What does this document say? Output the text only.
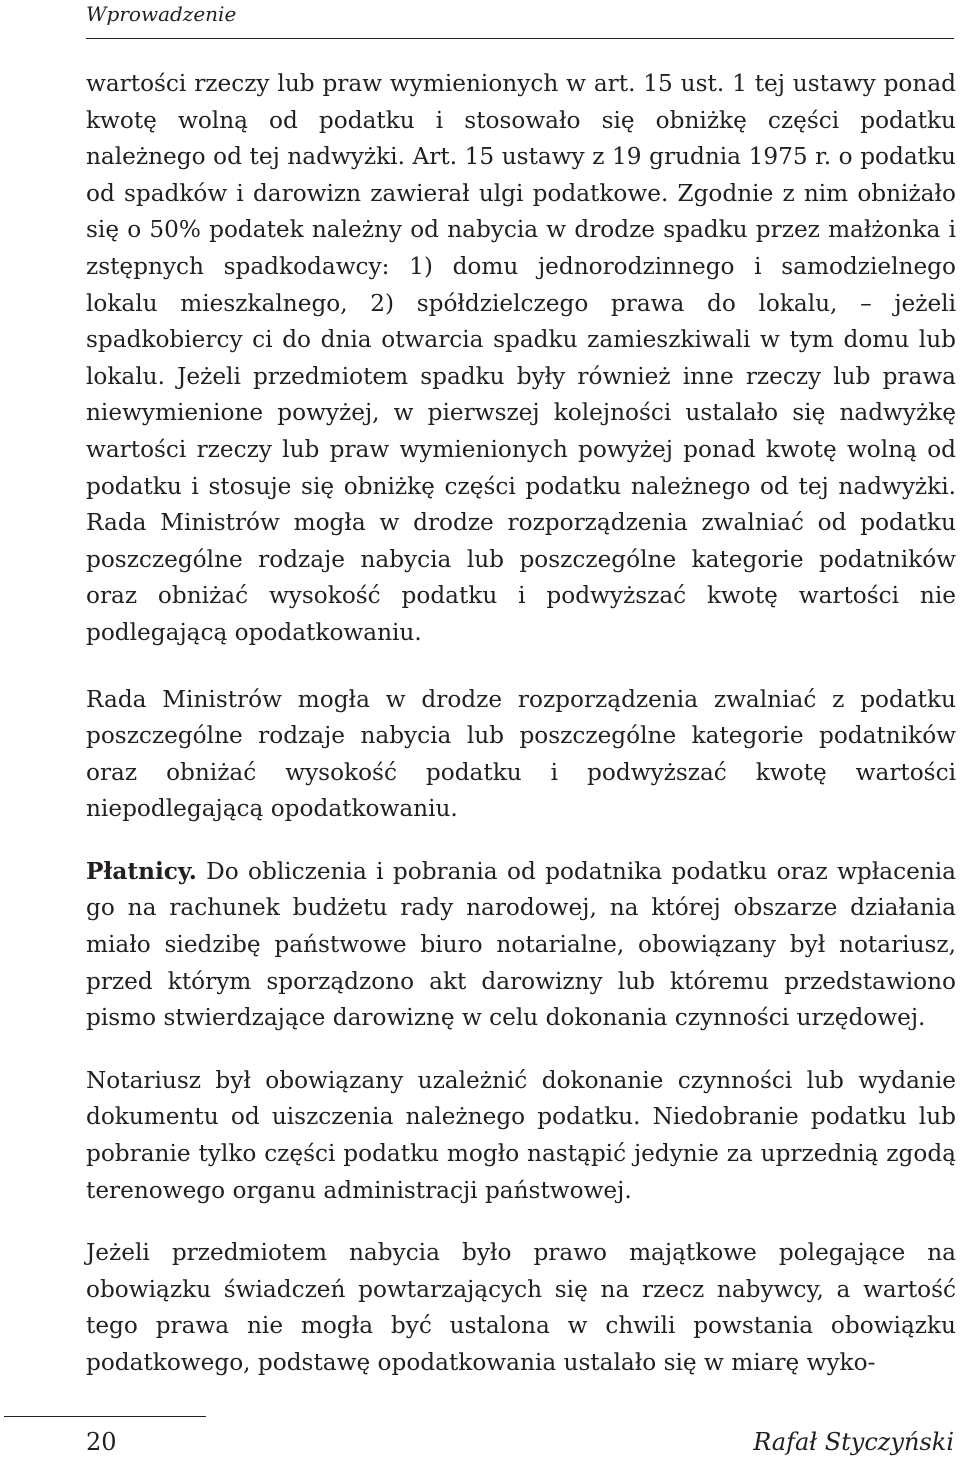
Wprowadzenie

wartości rzeczy lub praw wymienionych w art. 15 ust. 1 tej ustawy ponad kwotę wolną od podatku i stosowało się obniżkę części podatku należnego od tej nadwyżki. Art. 15 ustawy z 19 grudnia 1975 r. o podatku od spadków i darowizn zawierał ulgi podatkowe. Zgodnie z nim obniżało się o 50% podatek należny od nabycia w drodze spadku przez małżonka i zstępnych spadkodawcy: 1) domu jednorodzinnego i samodzielnego lokalu mieszkalnego, 2) spółdzielczego prawa do lokalu, – jeżeli spadkobiercy ci do dnia otwarcia spadku zamieszkiwali w tym domu lub lokalu. Jeżeli przedmiotem spadku były również inne rzeczy lub prawa niewymienione powyżej, w pierwszej kolejności ustalało się nadwyżkę wartości rzeczy lub praw wymienionych powyżej ponad kwotę wolną od podatku i stosuje się obniżkę części podatku należnego od tej nadwyżki. Rada Ministrów mogła w drodze rozporządzenia zwalniać od podatku poszczególne rodzaje nabycia lub poszczególne kategorie podatników oraz obniżać wysokość podatku i podwyższać kwotę wartości nie podlegającą opodatkowaniu.

Rada Ministrów mogła w drodze rozporządzenia zwalniać z podatku poszczególne rodzaje nabycia lub poszczególne kategorie podatników oraz obniżać wysokość podatku i podwyższać kwotę wartości niepodlegającą opodatkowaniu.

Płatnicy. Do obliczenia i pobrania od podatnika podatku oraz wpłacenia go na rachunek budżetu rady narodowej, na której obszarze działania miało siedzibę państwowe biuro notarialne, obowiązany był notariusz, przed którym sporządzono akt darowizny lub któremu przedstawiono pismo stwierdzające darowiznę w celu dokonania czynności urzędowej.

Notariusz był obowiązany uzależnić dokonanie czynności lub wydanie dokumentu od uiszczenia należnego podatku. Niedobranie podatku lub pobranie tylko części podatku mogło nastąpić jedynie za uprzednią zgodą terenowego organu administracji państwowej.

Jeżeli przedmiotem nabycia było prawo majątkowe polegające na obowiązku świadczeń powtarzających się na rzecz nabywcy, a wartość tego prawa nie mogła być ustalona w chwili powstania obowiązku podatkowego, podstawę opodatkowania ustalało się w miarę wyko-

20	Rafał Styczyński
